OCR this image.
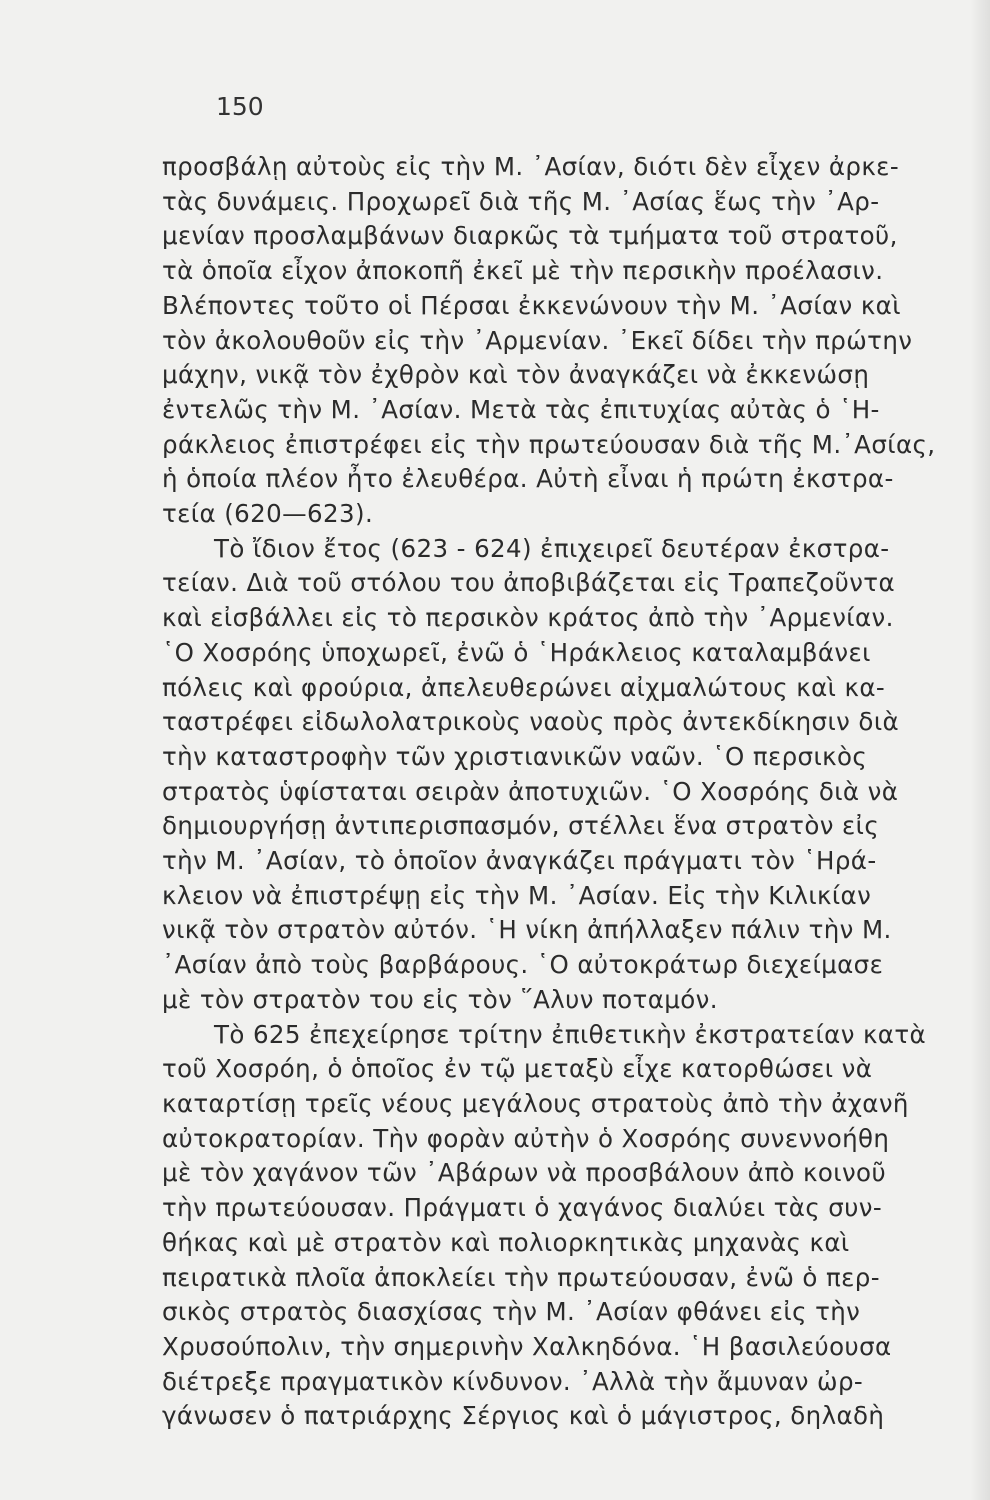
150
προσβάλῃ αὐτοὺς εἰς τὴν Μ. ᾿Ασίαν, διότι δὲν εἶχεν ἀρκε-
τὰς δυνάμεις. Προχωρεῖ διὰ τῆς Μ. ᾿Ασίας ἕως τὴν ᾿Αρ-
μενίαν προσλαμβάνων διαρκῶς τὰ τμήματα τοῦ στρατοῦ,
τὰ ὁποῖα εἶχον ἀποκοπῆ ἐκεῖ μὲ τὴν περσικὴν προέλασιν.
Βλέποντες τοῦτο οἱ Πέρσαι ἐκκενώνουν τὴν Μ. ᾿Ασίαν καὶ
τὸν ἀκολουθοῦν εἰς τὴν ᾿Αρμενίαν. ᾿Εκεῖ δίδει τὴν πρώτην
μάχην, νικᾷ τὸν ἐχθρὸν καὶ τὸν ἀναγκάζει νὰ ἐκκενώσῃ
ἐντελῶς τὴν Μ. ᾿Ασίαν. Μετὰ τὰς ἐπιτυχίας αὐτὰς ὁ ῾Η-
ράκλειος ἐπιστρέφει εἰς τὴν πρωτεύουσαν διὰ τῆς Μ.᾿Ασίας,
ἡ ὁποία πλέον ἦτο ἐλευθέρα. Αὐτὴ εἶναι ἡ πρώτη ἐκστρα-
τεία (620—623).
Τὸ ἴδιον ἔτος (623 - 624) ἐπιχειρεῖ δευτέραν ἐκστρα-
τείαν. Διὰ τοῦ στόλου του ἀποβιβάζεται εἰς Τραπεζοῦντα
καὶ εἰσβάλλει εἰς τὸ περσικὸν κράτος ἀπὸ τὴν ᾿Αρμενίαν.
῾Ο Χοσρόης ὑποχωρεῖ, ἐνῶ ὁ ῾Ηράκλειος καταλαμβάνει
πόλεις καὶ φρούρια, ἀπελευθερώνει αἰχμαλώτους καὶ κα-
ταστρέφει εἰδωλολατρικοὺς ναοὺς πρὸς ἀντεκδίκησιν διὰ
τὴν καταστροφὴν τῶν χριστιανικῶν ναῶν. ῾Ο περσικὸς
στρατὸς ὑφίσταται σειρὰν ἀποτυχιῶν. ῾Ο Χοσρόης διὰ νὰ
δημιουργήσῃ ἀντιπερισπασμόν, στέλλει ἕνα στρατὸν εἰς
τὴν Μ. ᾿Ασίαν, τὸ ὁποῖον ἀναγκάζει πράγματι τὸν ῾Ηρά-
κλειον νὰ ἐπιστρέψῃ εἰς τὴν Μ. ᾿Ασίαν. Εἰς τὴν Κιλικίαν
νικᾷ τὸν στρατὸν αὐτόν. ῾Η νίκη ἀπήλλαξεν πάλιν τὴν Μ.
᾿Ασίαν ἀπὸ τοὺς βαρβάρους. ῾Ο αὐτοκράτωρ διεχείμασε
μὲ τὸν στρατὸν του εἰς τὸν ῞Αλυν ποταμόν.
Τὸ 625 ἐπεχείρησε τρίτην ἐπιθετικὴν ἐκστρατείαν κατὰ
τοῦ Χοσρόη, ὁ ὁποῖος ἐν τῷ μεταξὺ εἶχε κατορθώσει νὰ
καταρτίσῃ τρεῖς νέους μεγάλους στρατοὺς ἀπὸ τὴν ἀχανῆ
αὐτοκρατορίαν. Τὴν φορὰν αὐτὴν ὁ Χοσρόης συνεννοήθη
μὲ τὸν χαγάνον τῶν ᾿Αβάρων νὰ προσβάλουν ἀπὸ κοινοῦ
τὴν πρωτεύουσαν. Πράγματι ὁ χαγάνος διαλύει τὰς συν-
θήκας καὶ μὲ στρατὸν καὶ πολιορκητικὰς μηχανὰς καὶ
πειρατικὰ πλοῖα ἀποκλείει τὴν πρωτεύουσαν, ἐνῶ ὁ περ-
σικὸς στρατὸς διασχίσας τὴν Μ. ᾿Ασίαν φθάνει εἰς τὴν
Χρυσούπολιν, τὴν σημερινὴν Χαλκηδόνα. ῾Η βασιλεύουσα
διέτρεξε πραγματικὸν κίνδυνον. ᾿Αλλὰ τὴν ἄμυναν ὠρ-
γάνωσεν ὁ πατριάρχης Σέργιος καὶ ὁ μάγιστρος, δηλαδὴ
